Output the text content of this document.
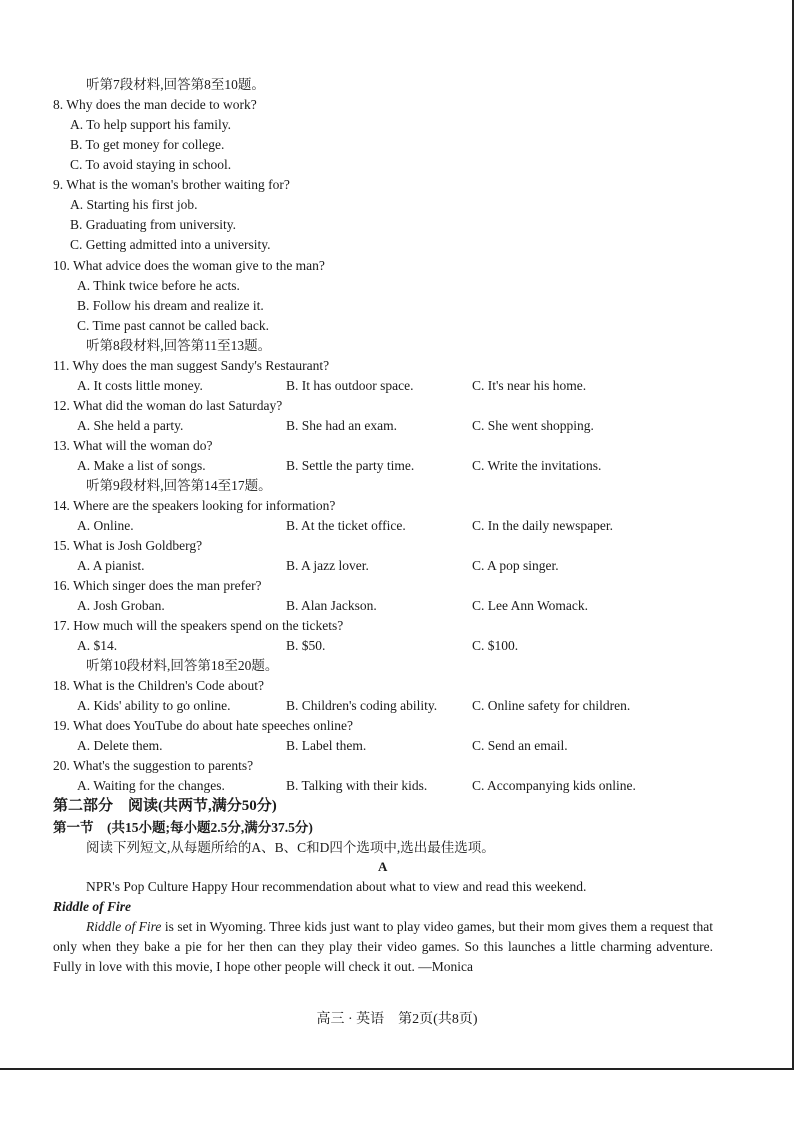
听第7段材料,回答第8至10题。
8. Why does the man decide to work?
A. To help support his family.
B. To get money for college.
C. To avoid staying in school.
9. What is the woman's brother waiting for?
A. Starting his first job.
B. Graduating from university.
C. Getting admitted into a university.
10. What advice does the woman give to the man?
A. Think twice before he acts.
B. Follow his dream and realize it.
C. Time past cannot be called back.
听第8段材料,回答第11至13题。
11. Why does the man suggest Sandy's Restaurant?
A. It costs little money.	B. It has outdoor space.	C. It's near his home.
12. What did the woman do last Saturday?
A. She held a party.	B. She had an exam.	C. She went shopping.
13. What will the woman do?
A. Make a list of songs.	B. Settle the party time.	C. Write the invitations.
听第9段材料,回答第14至17题。
14. Where are the speakers looking for information?
A. Online.	B. At the ticket office.	C. In the daily newspaper.
15. What is Josh Goldberg?
A. A pianist.	B. A jazz lover.	C. A pop singer.
16. Which singer does the man prefer?
A. Josh Groban.	B. Alan Jackson.	C. Lee Ann Womack.
17. How much will the speakers spend on the tickets?
A. $14.	B. $50.	C. $100.
听第10段材料,回答第18至20题。
18. What is the Children's Code about?
A. Kids' ability to go online.	B. Children's coding ability.	C. Online safety for children.
19. What does YouTube do about hate speeches online?
A. Delete them.	B. Label them.	C. Send an email.
20. What's the suggestion to parents?
A. Waiting for the changes.	B. Talking with their kids.	C. Accompanying kids online.
第二部分　阅读(共两节,满分50分)
第一节　(共15小题;每小题2.5分,满分37.5分)
阅读下列短文,从每题所给的A、B、C和D四个选项中,选出最佳选项。
A
NPR's Pop Culture Happy Hour recommendation about what to view and read this weekend.
Riddle of Fire
Riddle of Fire is set in Wyoming. Three kids just want to play video games, but their mom gives them a request that only when they bake a pie for her then can they play their video games. So this launches a little charming adventure. Fully in love with this movie, I hope other people will check it out. —Monica
高三 · 英语　第2页(共8页)
